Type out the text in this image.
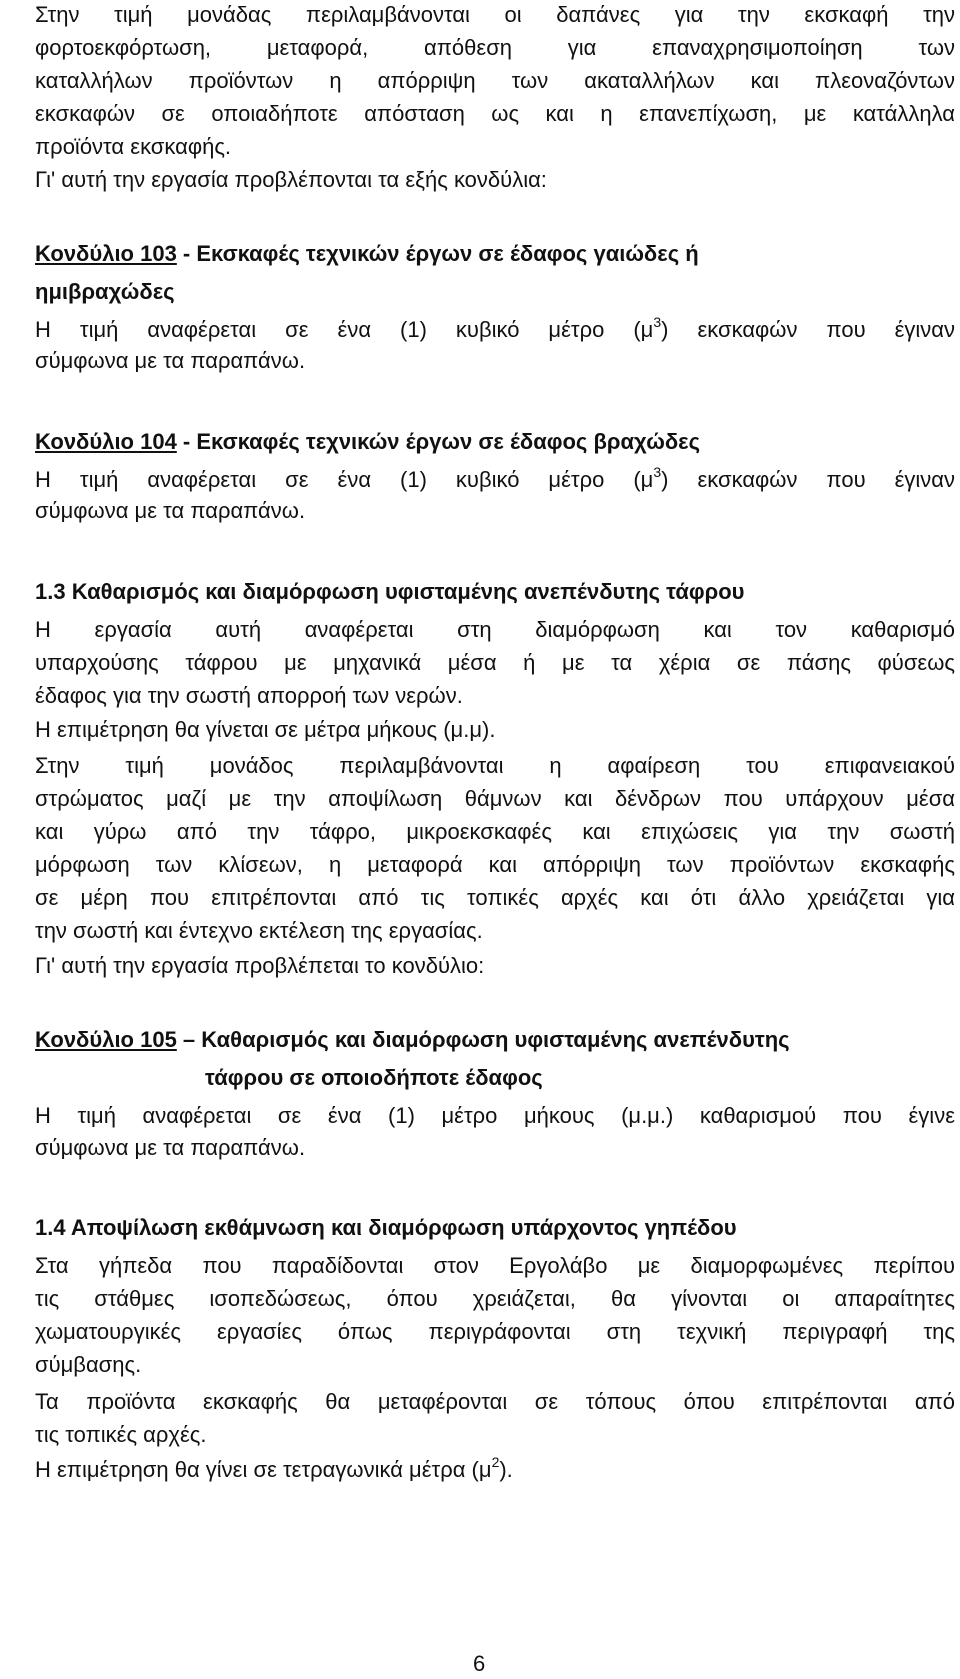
Στην τιμή μονάδας περιλαμβάνονται οι δαπάνες για την εκσκαφή την
φορτοεκφόρτωση, μεταφορά, απόθεση για επαναχρησιμοποίηση των
καταλλήλων προϊόντων η απόρριψη των ακαταλλήλων και πλεοναζόντων
εκσκαφών σε οποιαδήποτε απόσταση ως και η επανεπίχωση, με κατάλληλα
προϊόντα εκσκαφής.
Γι' αυτή την εργασία προβλέπονται τα εξής κονδύλια:
Κονδύλιο 103 - Εκσκαφές τεχνικών έργων σε έδαφος γαιώδες ή
ημιβραχώδες
Η τιμή αναφέρεται σε ένα (1) κυβικό μέτρο $(\mu^3)$ εκσκαφών που έγιναν
σύμφωνα με τα παραπάνω.
Κονδύλιο 104 - Εκσκαφές τεχνικών έργων σε έδαφος βραχώδες
Η τιμή αναφέρεται σε ένα (1) κυβικό μέτρο $(\mu^3)$ εκσκαφών που έγιναν
σύμφωνα με τα παραπάνω.
1.3 Καθαρισμός και διαμόρφωση υφισταμένης ανεπένδυτης τάφρου
Η εργασία αυτή αναφέρεται στη διαμόρφωση και τον καθαρισμό
υπαρχούσης τάφρου με μηχανικά μέσα ή με τα χέρια σε πάσης φύσεως
έδαφος για την σωστή απορροή των νερών.
Η επιμέτρηση θα γίνεται σε μέτρα μήκους (μ.μ).
Στην τιμή μονάδος περιλαμβάνονται η αφαίρεση του επιφανειακού
στρώματος μαζί με την αποψίλωση θάμνων και δένδρων που υπάρχουν μέσα
και γύρω από την τάφρο, μικροεκσκαφές και επιχώσεις για την σωστή
μόρφωση των κλίσεων, η μεταφορά και απόρριψη των προϊόντων εκσκαφής
σε μέρη που επιτρέπονται από τις τοπικές αρχές και ότι άλλο χρειάζεται για
την σωστή και έντεχνο εκτέλεση της εργασίας.
Γι' αυτή την εργασία προβλέπεται το κονδύλιο:
Κονδύλιο 105 – Καθαρισμός και διαμόρφωση υφισταμένης ανεπένδυτης
τάφρου σε οποιοδήποτε έδαφος
Η τιμή αναφέρεται σε ένα (1) μέτρο μήκους (μ.μ.) καθαρισμού που έγινε
σύμφωνα με τα παραπάνω.
1.4 Αποψίλωση εκθάμνωση και διαμόρφωση υπάρχοντος γηπέδου
Στα γήπεδα που παραδίδονται στον Εργολάβο με διαμορφωμένες περίπου
τις στάθμες ισοπεδώσεως, όπου χρειάζεται, θα γίνονται οι απαραίτητες
χωματουργικές εργασίες όπως περιγράφονται στη τεχνική περιγραφή της
σύμβασης.
Τα προϊόντα εκσκαφής θα μεταφέρονται σε τόπους όπου επιτρέπονται από
τις τοπικές αρχές.
Η επιμέτρηση θα γίνει σε τετραγωνικά μέτρα $(\mu^2)$.
6
